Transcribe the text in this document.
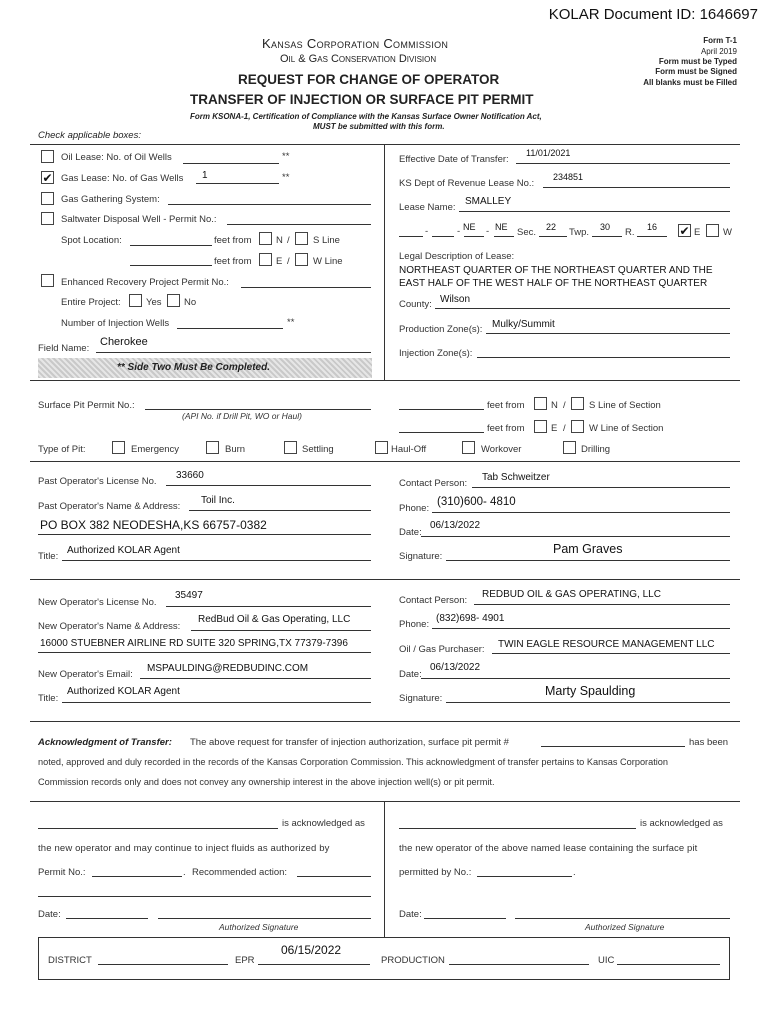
KOLAR Document ID: 1646697
Kansas Corporation Commission
Oil & Gas Conservation Division
REQUEST FOR CHANGE OF OPERATOR
TRANSFER OF INJECTION OR SURFACE PIT PERMIT
Form KSONA-1, Certification of Compliance with the Kansas Surface Owner Notification Act,
MUST be submitted with this form.
Form T-1
April 2019
Form must be Typed
Form must be Signed
All blanks must be Filled
Check applicable boxes:
Oil Lease: No. of Oil Wells	**
✔ Gas Lease: No. of Gas Wells 1	**
Gas Gathering System:
Saltwater Disposal Well - Permit No.:
Spot Location:	feet from	N / S Line
feet from	E / W Line
Enhanced Recovery Project Permit No.:
Entire Project:	Yes No
Number of Injection Wells	**
Field Name:
Cherokee
** Side Two Must Be Completed.
Effective Date of Transfer:
11/01/2021
KS Dept of Revenue Lease No.:
234851
Lease Name:
SMALLEY
-	- NE - NE Sec. 22 Twp. 30 R. 16 ✔ E W
Legal Description of Lease:
NORTHEAST QUARTER OF THE NORTHEAST QUARTER AND THE
EAST HALF OF THE WEST HALF OF THE NORTHEAST QUARTER
County: Wilson
Production Zone(s): Mulky/Summit
Injection Zone(s):
Surface Pit Permit No.:
(API No. if Drill Pit, WO or Haul)
feet from	N / S Line of Section
feet from	E / W Line of Section
Type of Pit:	Emergency	Burn	Settling	Haul-Off	Workover	Drilling
Past Operator's License No.
33660
Past Operator's Name & Address:
Toil Inc.
PO BOX 382 NEODESHA,KS 66757-0382
Title:
Authorized KOLAR Agent
Contact Person:
Tab Schweitzer
Phone:
(310)600- 4810
Date:
06/13/2022
Signature:
Pam Graves
New Operator's License No.
35497
New Operator's Name & Address:
RedBud Oil & Gas Operating, LLC
16000 STUEBNER AIRLINE RD SUITE 320 SPRING,TX 77379-7396
New Operator's Email:
MSPAULDING@REDBUDINC.COM
Title:
Authorized KOLAR Agent
Contact Person:
REDBUD OIL & GAS OPERATING, LLC
Phone:
(832)698- 4901
Oil / Gas Purchaser: TWIN EAGLE RESOURCE MANAGEMENT LLC
Date:
06/13/2022
Signature:
Marty Spaulding
Acknowledgment of Transfer: The above request for transfer of injection authorization, surface pit permit #	has been
noted, approved and duly recorded in the records of the Kansas Corporation Commission. This acknowledgment of transfer pertains to Kansas Corporation
Commission records only and does not convey any ownership interest in the above injection well(s) or pit permit.
is acknowledged as
the new operator and may continue to inject fluids as authorized by
Permit No.:	. Recommended action:
Date:
Authorized Signature
is acknowledged as
the new operator of the above named lease containing the surface pit
permitted by No.:	.
Date:
Authorized Signature
DISTRICT	EPR
06/15/2022
PRODUCTION	UIC
